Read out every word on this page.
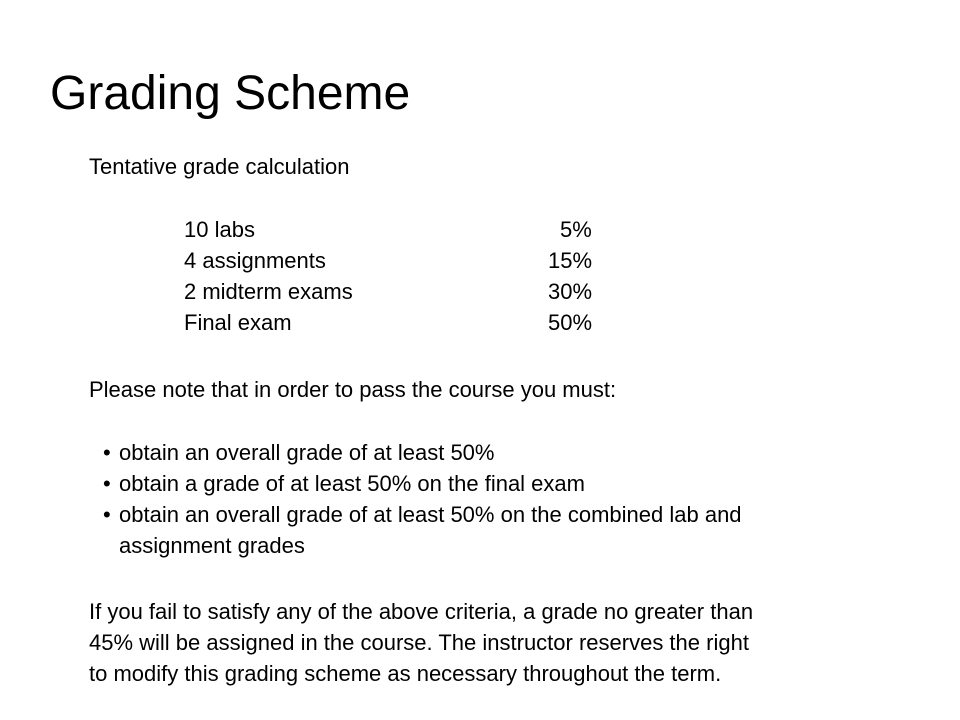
Grading Scheme
Tentative grade calculation
10 labs	5%
4 assignments	15%
2 midterm exams	30%
Final exam	50%
Please note that in order to pass the course you must:
• obtain an overall grade of at least 50%
• obtain a grade of at least 50% on the final exam
• obtain an overall grade of at least 50% on the combined lab and
assignment grades
If you fail to satisfy any of the above criteria, a grade no greater than
45% will be assigned in the course. The instructor reserves the right
to modify this grading scheme as necessary throughout the term.
